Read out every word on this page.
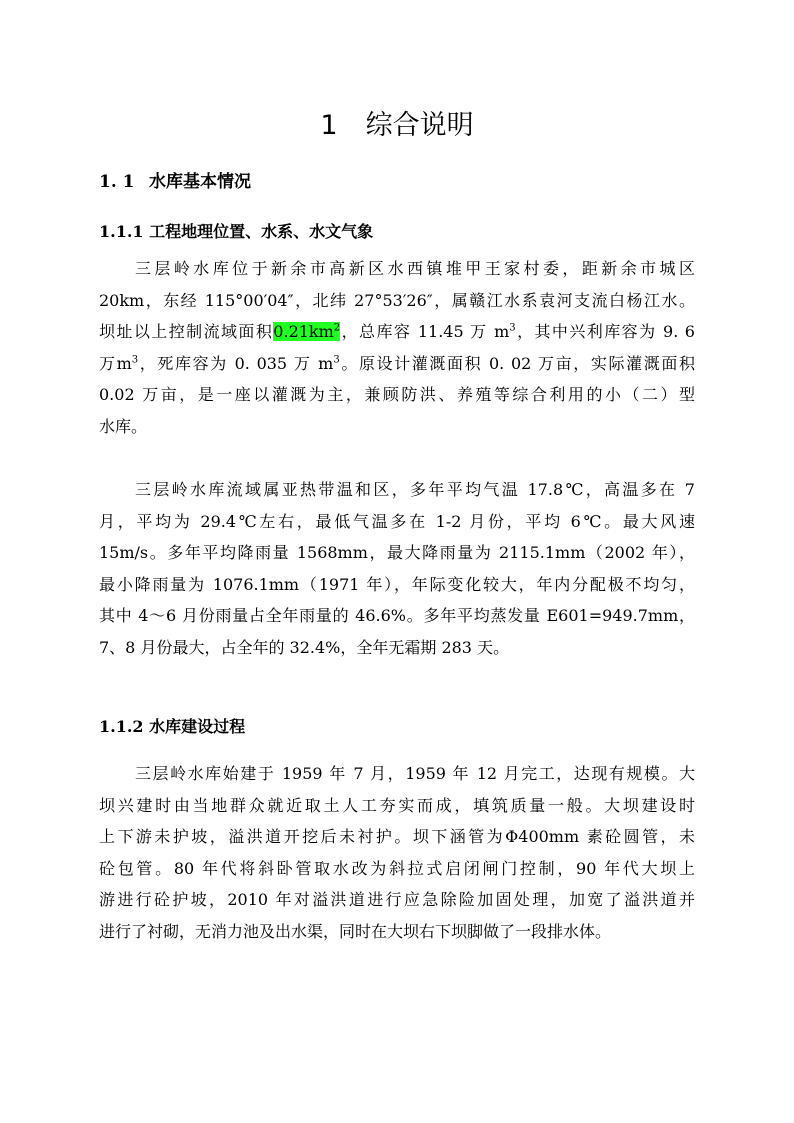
1 综合说明
1. 1 水库基本情况
1.1.1 工程地理位置、水系、水文气象
三层岭水库位于新余市高新区水西镇堆甲王家村委，距新余市城区
20km，东经 115°00′04″，北纬 27°53′26″，属赣江水系袁河支流白杨江水。
坝址以上控制流域面积$0.21km^2$，总库容 11.45 万 $m^3$，其中兴利库容为 9. 6
万$m^3$，死库容为 0. 035 万 $m^3$。原设计灌溉面积 0. 02 万亩，实际灌溉面积
0.02 万亩，是一座以灌溉为主，兼顾防洪、养殖等综合利用的小（二）型
水库。
三层岭水库流域属亚热带温和区，多年平均气温 17.8℃，高温多在 7
月，平均为 29.4℃左右，最低气温多在 1-2 月份，平均 6℃。最大风速
15m/s。多年平均降雨量 1568mm，最大降雨量为 2115.1mm（2002 年），
最小降雨量为 1076.1mm（1971 年），年际变化较大，年内分配极不均匀，
其中 4～6 月份雨量占全年雨量的 46.6%。多年平均蒸发量 E601=949.7mm，
7、8 月份最大，占全年的 32.4%，全年无霜期 283 天。
1.1.2 水库建设过程
三层岭水库始建于 1959 年 7 月，1959 年 12 月完工，达现有规模。大
坝兴建时由当地群众就近取土人工夯实而成，填筑质量一般。大坝建设时
上下游未护坡，溢洪道开挖后未衬护。坝下涵管为Φ400mm 素砼圆管，未
砼包管。80 年代将斜卧管取水改为斜拉式启闭闸门控制，90 年代大坝上
游进行砼护坡，2010 年对溢洪道进行应急除险加固处理，加宽了溢洪道并
进行了衬砌，无消力池及出水渠，同时在大坝右下坝脚做了一段排水体。
